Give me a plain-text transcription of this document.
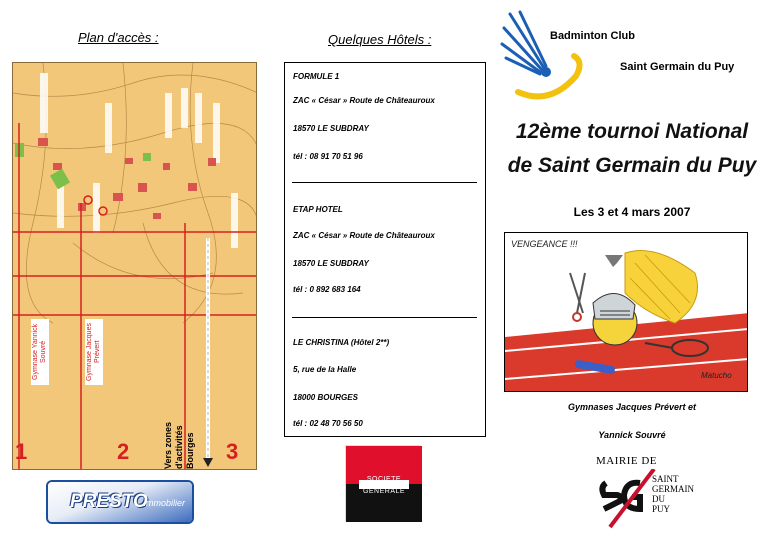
Plan d'accès :
Gymnase Yannick Souvré	Gymnase Jacques Prévert
1	2	3
Vers zones d'activités Bourges
PRESTO
immobilier
Quelques Hôtels :
FORMULE 1
ZAC « César » Route de Châteauroux
18570 LE SUBDRAY
tél : 08 91 70 51 96
ETAP HOTEL
ZAC « César » Route de Châteauroux
18570 LE SUBDRAY
tél : 0 892 683 164
LE CHRISTINA (Hôtel 2**)
5, rue de la Halle
18000 BOURGES
tél : 02 48 70 56 50
SOCIETE
GENERALE
Badminton Club
Saint Germain du Puy
12ème tournoi National
de Saint Germain du Puy
Les 3 et 4 mars 2007
VENGEANCE !!!
Matucho
Gymnases Jacques Prévert et
Yannick Souvré
MAIRIE DE
SAINT
GERMAIN
DU
PUY
